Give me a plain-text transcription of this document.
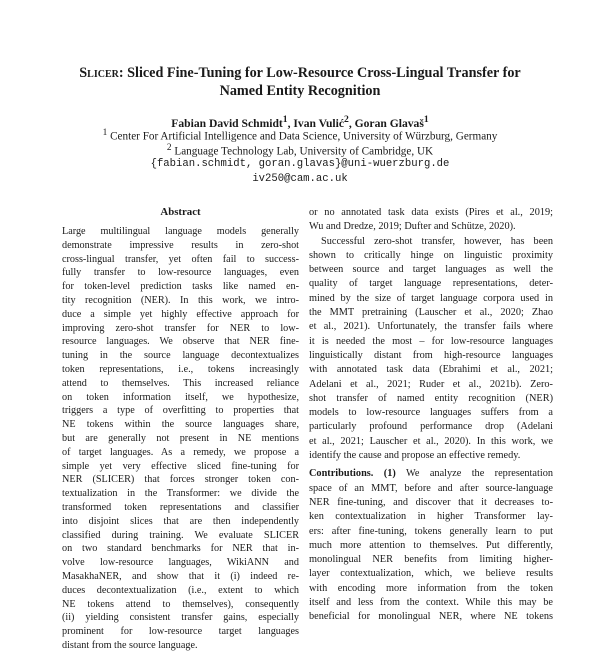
Slicer: Sliced Fine-Tuning for Low-Resource Cross-Lingual Transfer for
Named Entity Recognition
Fabian David Schmidt$^1$, Ivan Vulić$^2$, Goran Glavaš$^1$
$^1$ Center For Artificial Intelligence and Data Science, University of Würzburg, Germany
$^2$ Language Technology Lab, University of Cambridge, UK
{fabian.schmidt, goran.glavas}@uni-wuerzburg.de
iv250@cam.ac.uk
Abstract
Large multilingual language models generally
demonstrate impressive results in zero-shot
cross-lingual transfer, yet often fail to success-
fully transfer to low-resource languages, even
for token-level prediction tasks like named en-
tity recognition (NER). In this work, we intro-
duce a simple yet highly effective approach for
improving zero-shot transfer for NER to low-
resource languages. We observe that NER fine-
tuning in the source language decontextualizes
token representations, i.e., tokens increasingly
attend to themselves. This increased reliance
on token information itself, we hypothesize,
triggers a type of overfitting to properties that
NE tokens within the source languages share,
but are generally not present in NE mentions
of target languages. As a remedy, we propose a
simple yet very effective sliced fine-tuning for
NER (SLICER) that forces stronger token con-
textualization in the Transformer: we divide the
transformed token representations and classifier
into disjoint slices that are then independently
classified during training. We evaluate SLICER
on two standard benchmarks for NER that in-
volve low-resource languages, WikiANN and
MasakhaNER, and show that it (i) indeed re-
duces decontextualization (i.e., extent to which
NE tokens attend to themselves), consequently
(ii) yielding consistent transfer gains, especially
prominent for low-resource target languages
distant from the source language.

or no annotated task data exists (Pires et al., 2019;
Wu and Dredze, 2019; Dufter and Schütze, 2020).

Successful zero-shot transfer, however, has been
shown to critically hinge on linguistic proximity
between source and target languages as well the
quality of target language representations, deter-
mined by the size of target language corpora used in
the MMT pretraining (Lauscher et al., 2020; Zhao
et al., 2021). Unfortunately, the transfer fails where
it is needed the most – for low-resource languages
linguistically distant from high-resource languages
with annotated task data (Ebrahimi et al., 2021;
Adelani et al., 2021; Ruder et al., 2021b). Zero-
shot transfer of named entity recognition (NER)
models to low-resource languages suffers from a
particularly profound performance drop (Adelani
et al., 2021; Lauscher et al., 2020). In this work, we
identify the cause and propose an effective remedy.

Contributions. (1) We analyze the representation
space of an MMT, before and after source-language
NER fine-tuning, and discover that it decreases to-
ken contextualization in higher Transformer lay-
ers: after fine-tuning, tokens generally learn to put
much more attention to themselves. Put differently,
monolingual NER benefits from limiting higher-
layer contextualization, which, we believe results
with encoding more information from the token
itself and less from the context. While this may be
beneficial for monolingual NER, where NE tokens
